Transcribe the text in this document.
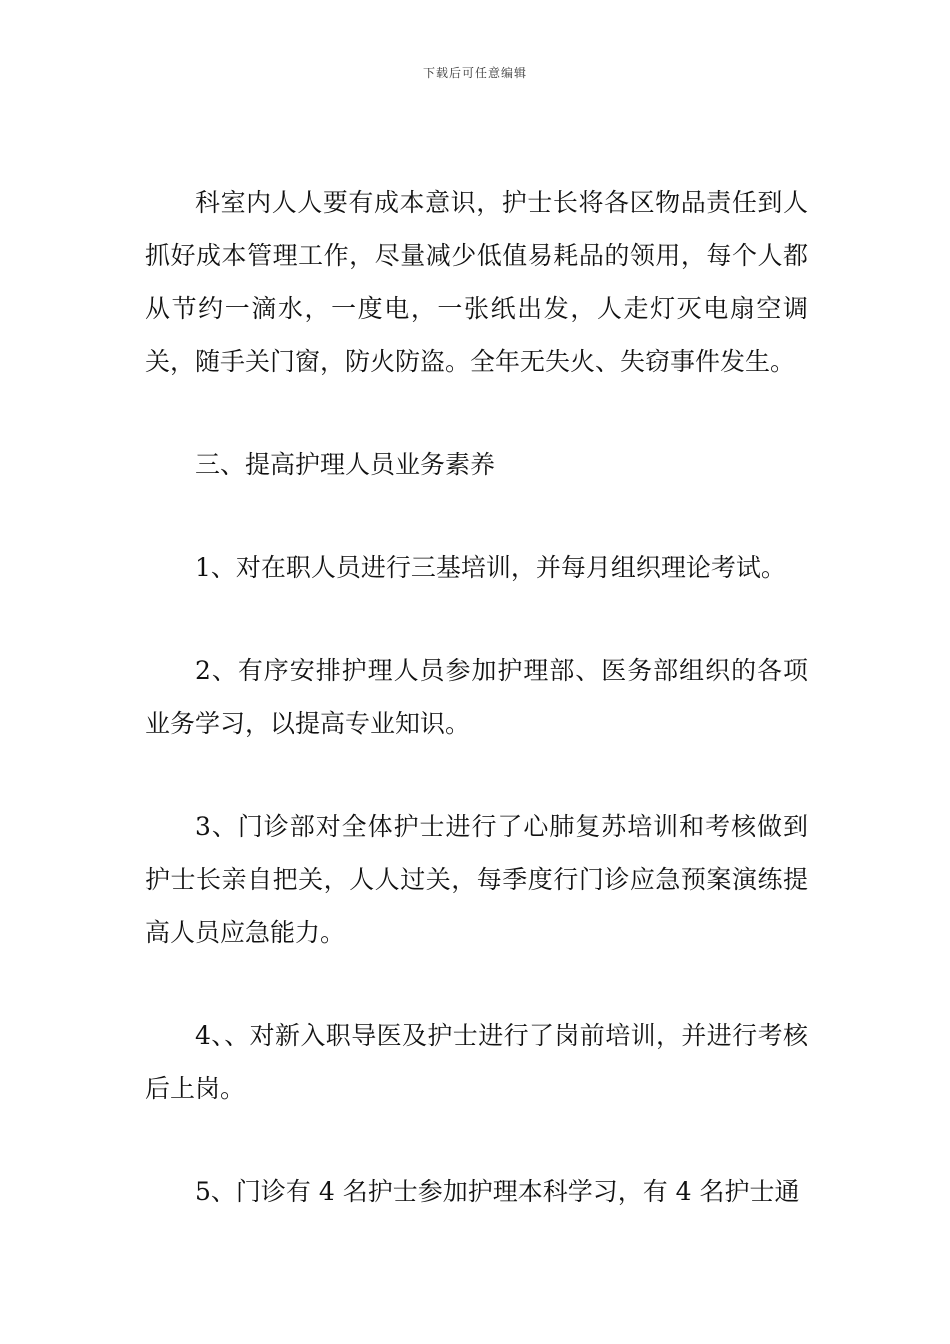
下载后可任意编辑

科室内人人要有成本意识，护士长将各区物品责任到人抓好成本管理工作，尽量减少低值易耗品的领用，每个人都从节约一滴水，一度电，一张纸出发，人走灯灭电扇空调关，随手关门窗，防火防盗。全年无失火、失窃事件发生。

三、提高护理人员业务素养

1、对在职人员进行三基培训，并每月组织理论考试。

2、有序安排护理人员参加护理部、医务部组织的各项业务学习，以提高专业知识。

3、门诊部对全体护士进行了心肺复苏培训和考核做到护士长亲自把关，人人过关，每季度行门诊应急预案演练提高人员应急能力。

4、、对新入职导医及护士进行了岗前培训，并进行考核后上岗。

5、门诊有 4 名护士参加护理本科学习，有 4 名护士通
